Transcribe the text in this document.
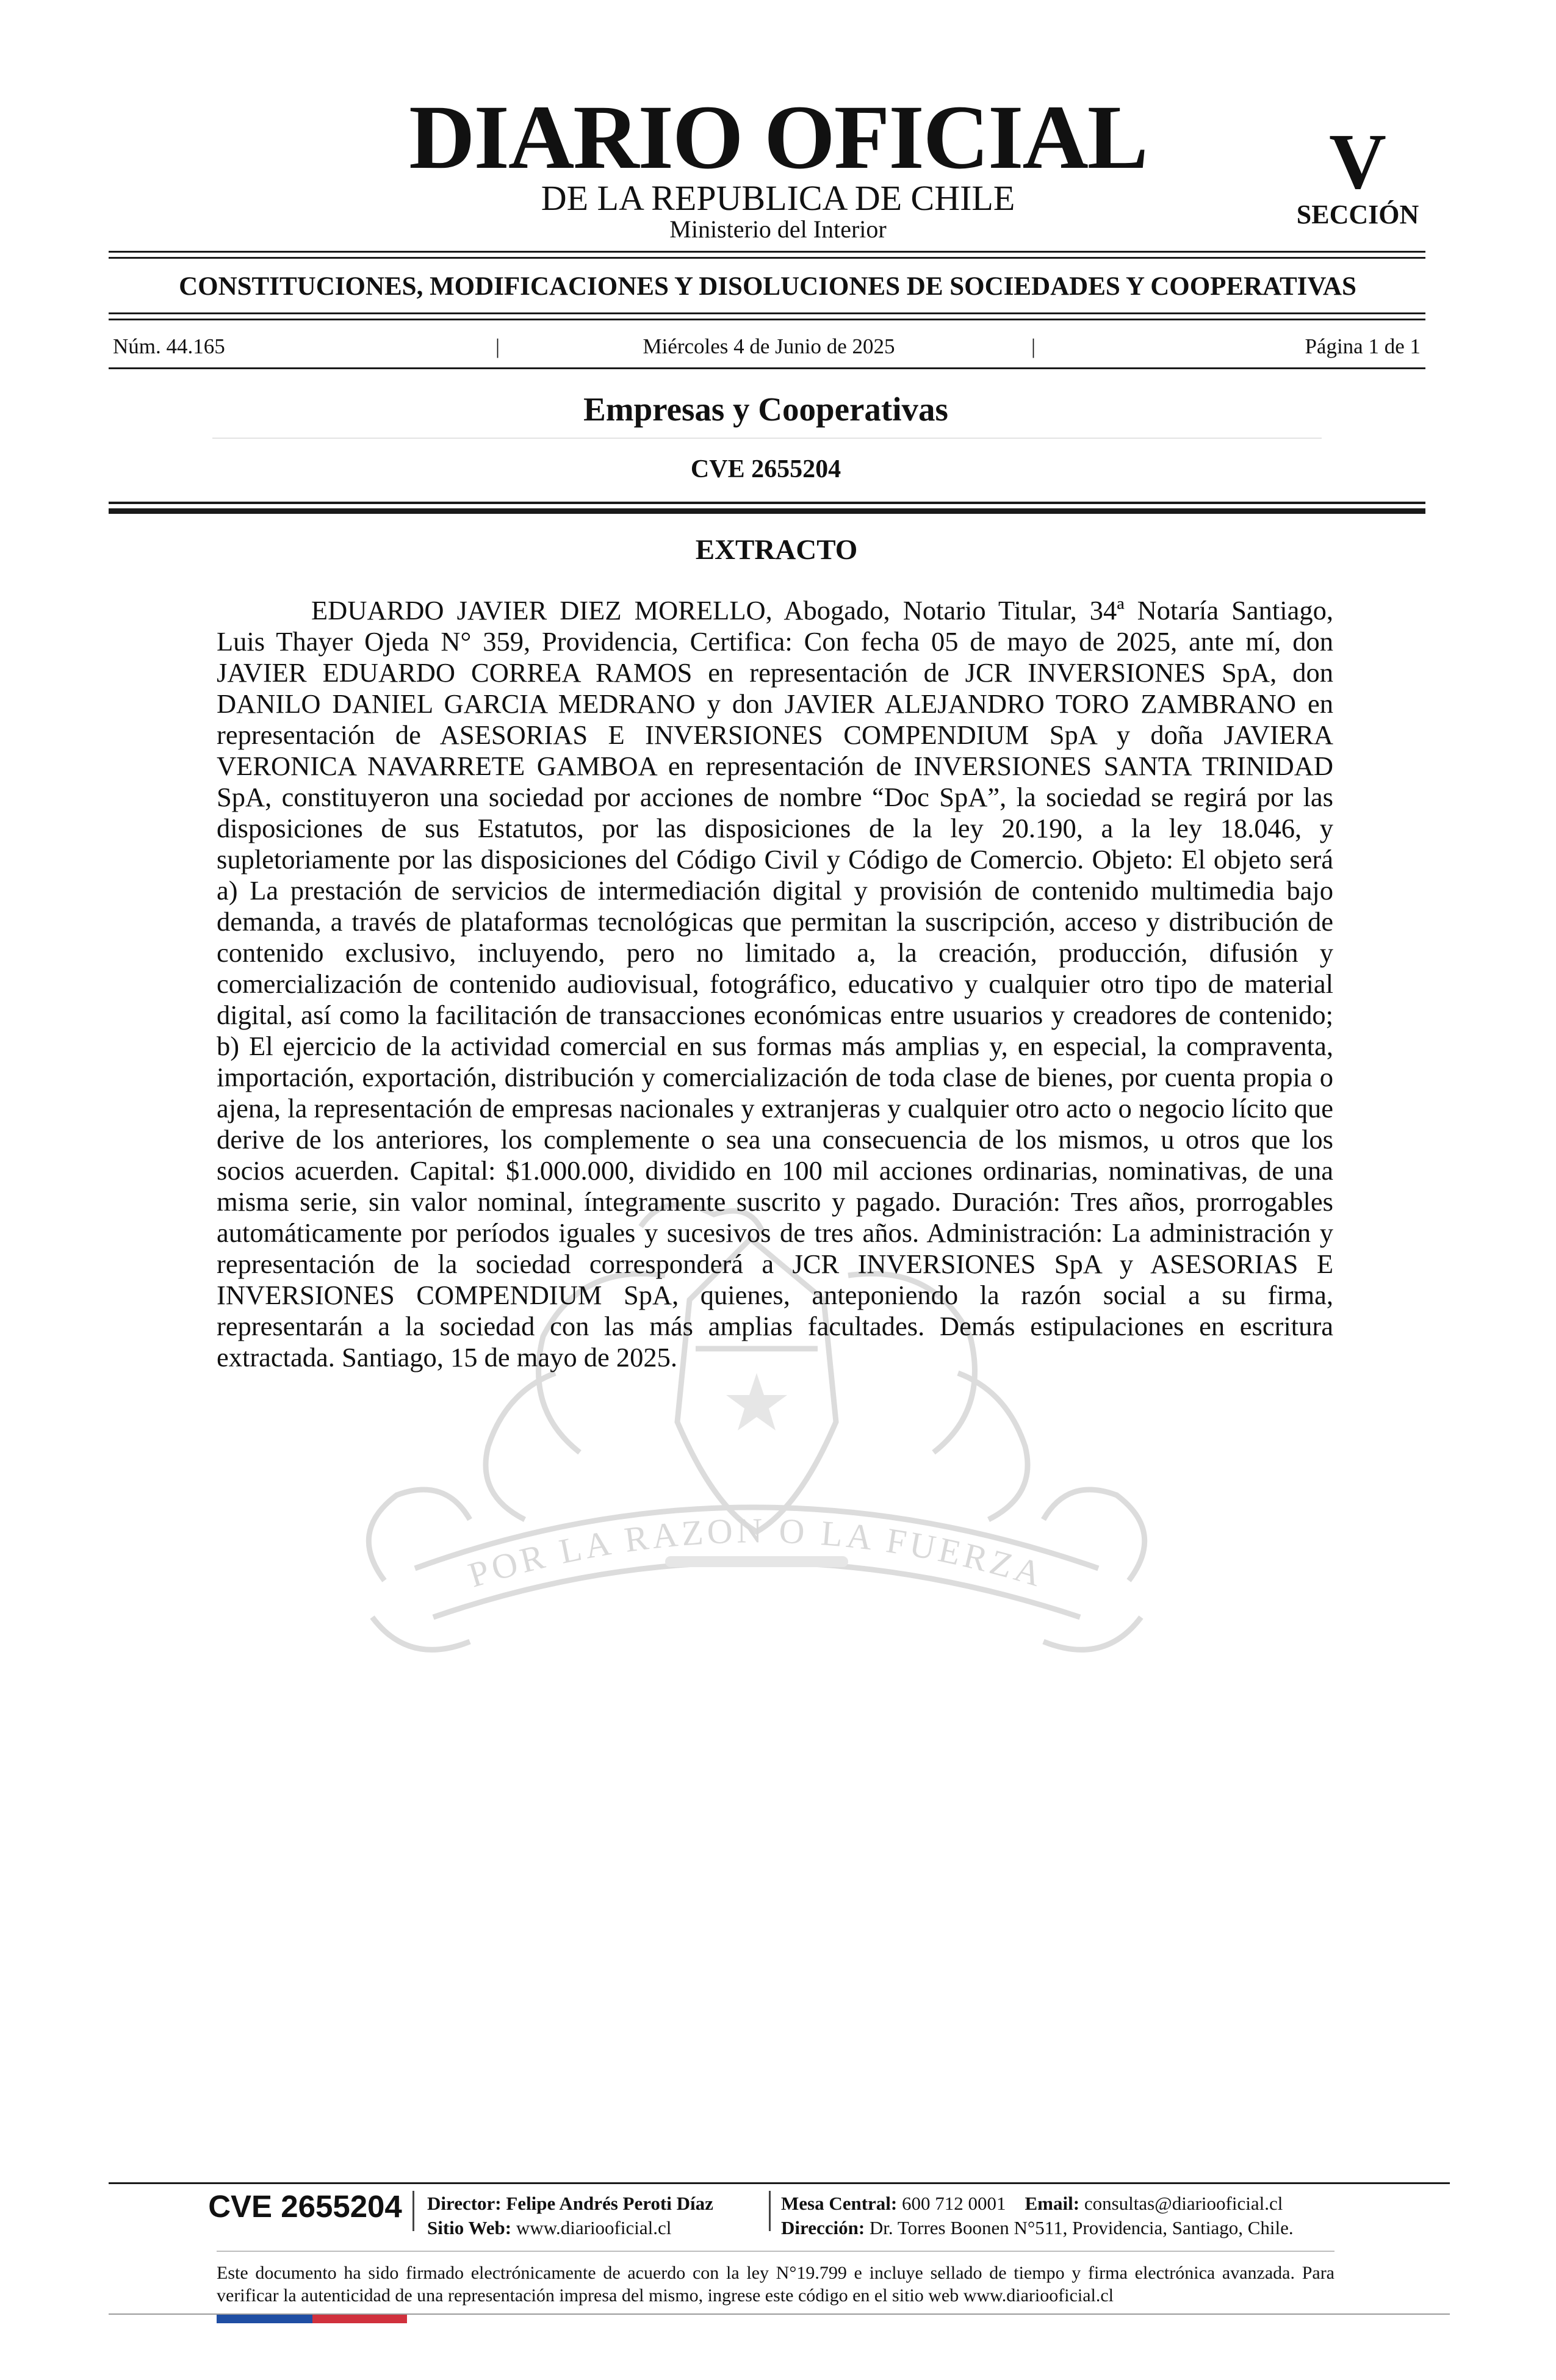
DIARIO OFICIAL
DE LA REPUBLICA DE CHILE
Ministerio del Interior
V
SECCIÓN
CONSTITUCIONES, MODIFICACIONES Y DISOLUCIONES DE SOCIEDADES Y COOPERATIVAS
Núm. 44.165	|	Miércoles 4 de Junio de 2025	|	Página 1 de 1
Empresas y Cooperativas
CVE 2655204
POR LA RAZON O LA FUERZA
EXTRACTO

EDUARDO JAVIER DIEZ MORELLO, Abogado, Notario Titular, 34ª Notaría Santiago, Luis Thayer Ojeda N° 359, Providencia, Certifica: Con fecha 05 de mayo de 2025, ante mí, don JAVIER EDUARDO CORREA RAMOS en representación de JCR INVERSIONES SpA, don DANILO DANIEL GARCIA MEDRANO y don JAVIER ALEJANDRO TORO ZAMBRANO en representación de ASESORIAS E INVERSIONES COMPENDIUM SpA y doña JAVIERA VERONICA NAVARRETE GAMBOA en representación de INVERSIONES SANTA TRINIDAD SpA, constituyeron una sociedad por acciones de nombre “Doc SpA”, la sociedad se regirá por las disposiciones de sus Estatutos, por las disposiciones de la ley 20.190, a la ley 18.046, y supletoriamente por las disposiciones del Código Civil y Código de Comercio. Objeto: El objeto será a) La prestación de servicios de intermediación digital y provisión de contenido multimedia bajo demanda, a través de plataformas tecnológicas que permitan la suscripción, acceso y distribución de contenido exclusivo, incluyendo, pero no limitado a, la creación, producción, difusión y comercialización de contenido audiovisual, fotográfico, educativo y cualquier otro tipo de material digital, así como la facilitación de transacciones económicas entre usuarios y creadores de contenido; b) El ejercicio de la actividad comercial en sus formas más amplias y, en especial, la compraventa, importación, exportación, distribución y comercialización de toda clase de bienes, por cuenta propia o ajena, la representación de empresas nacionales y extranjeras y cualquier otro acto o negocio lícito que derive de los anteriores, los complemente o sea una consecuencia de los mismos, u otros que los socios acuerden. Capital: $1.000.000, dividido en 100 mil acciones ordinarias, nominativas, de una misma serie, sin valor nominal, íntegramente suscrito y pagado. Duración: Tres años, prorrogables automáticamente por períodos iguales y sucesivos de tres años. Administración: La administración y representación de la sociedad corresponderá a JCR INVERSIONES SpA y ASESORIAS E INVERSIONES COMPENDIUM SpA, quienes, anteponiendo la razón social a su firma, representarán a la sociedad con las más amplias facultades. Demás estipulaciones en escritura extractada. Santiago, 15 de mayo de 2025.

CVE 2655204 Director: Felipe Andrés Peroti Díaz
Sitio Web: www.diariooficial.cl
Mesa Central: 600 712 0001 Email: consultas@diariooficial.cl
Dirección: Dr. Torres Boonen N°511, Providencia, Santiago, Chile.

Este documento ha sido firmado electrónicamente de acuerdo con la ley N°19.799 e incluye sellado de tiempo y firma electrónica avanzada. Para verificar la autenticidad de una representación impresa del mismo, ingrese este código en el sitio web www.diariooficial.cl
